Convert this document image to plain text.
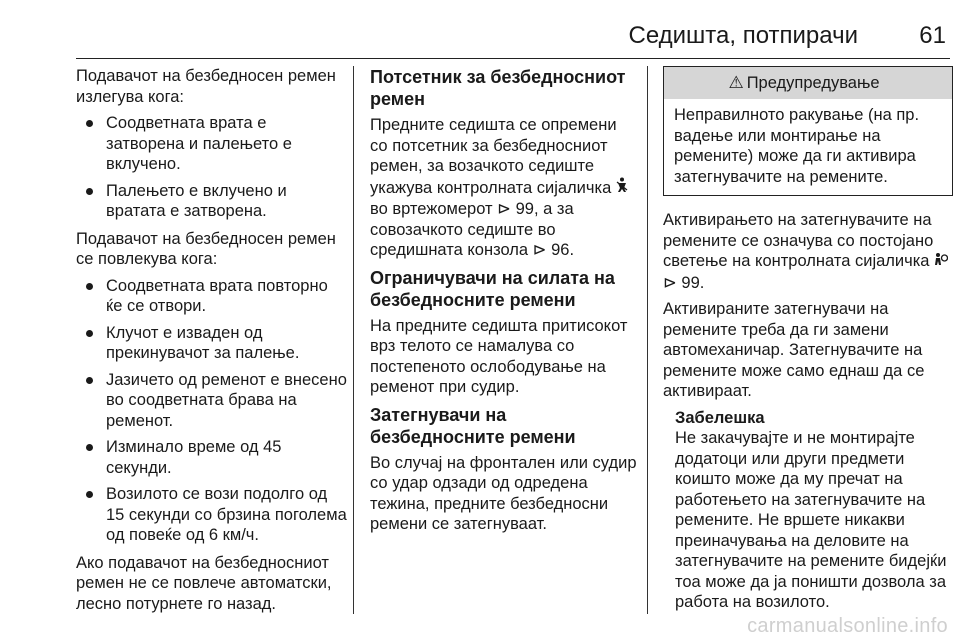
Седишта, потпирачи	61

Подавачот на безбедносен ремен излегува кога:

Соодветната врата е затворена и палењето е вклучено.
Палењето е вклучено и вратата е затворена.

Подавачот на безбедносен ремен се повлекува кога:

Соодветната врата повторно ќе се отвори.
Клучот е извaден од прекинувачот за палење.
Јазичето од ременот е внесено во соодветната брава на ременот.
Изминало време од 45 секунди.
Возилото се вози подолго од 15 секунди со брзина поголема од повеќе од 6 км/ч.

Ако подавачот на безбедносниот ремен не се повлече автоматски, лесно потурнете го назад.

Потсетник за безбедносниот ремен

Предните седишта се опремени со потсетник за безбедносниот ремен, за возачкото седиште укажува контролната сијаличка  во вртежомерот ⊳ 99, а за совозачкото седиште во средишната конзола ⊳ 96.

Ограничувачи на силата на безбедносните ремени

На предните седишта притисокот врз телото се намалува со постепеното ослободување на ременот при судир.

Затегнувачи на безбедносните ремени

Во случај на фронтален или судир со удар одзади од одредена тежина, предните безбедносни ремени се затегнуваат.

⚠ Предупредување
Неправилното ракување (на пр. вадење или монтирање на ремените) може да ги активира затегнувачите на ремените.

Активирањето на затегнувачите на ремените се означува со постојано светење на контролната сијаличка  ⊳ 99.

Активираните затегнувачи на ремените треба да ги замени автомеханичар. Затегнувачите на ремените може само еднаш да се активираат.

Забелешка
Не закачувајте и не монтирајте додатоци или други предмети коишто може да му пречат на работењето на затегнувачите на ремените. Не вршете никакви преиначувања на деловите на затегнувачите на ремените бидејќи тоа може да ја поништи дозвола за работа на возилото.
carmanualsonline.info
